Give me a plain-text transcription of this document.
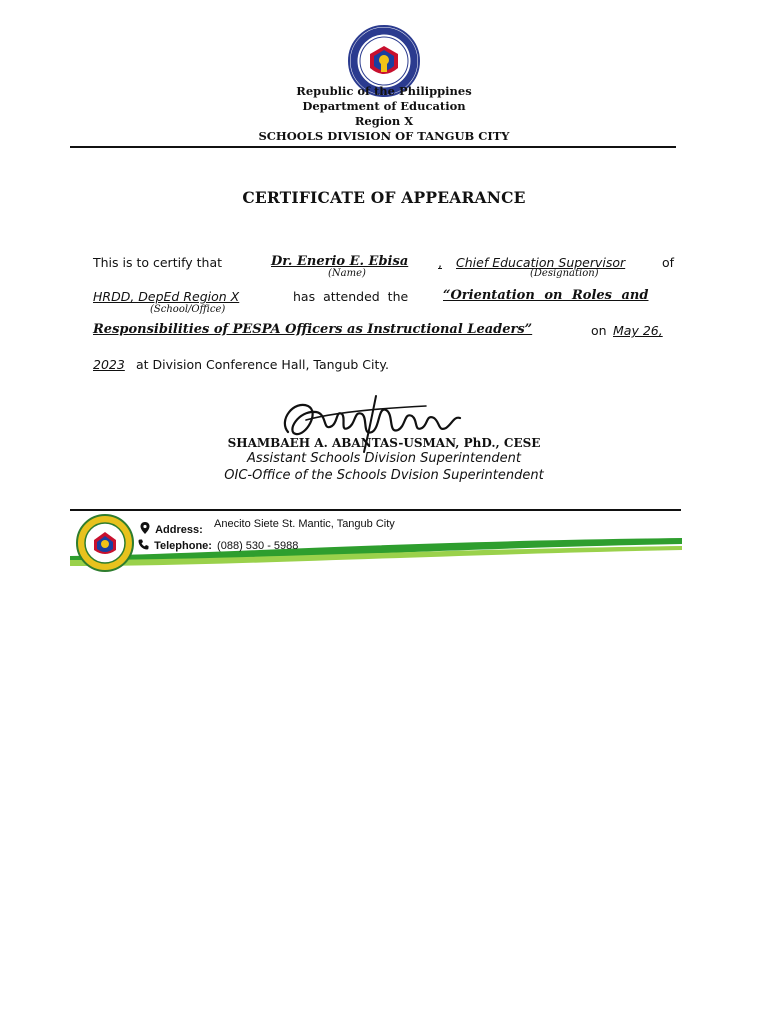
Republic of the Philippines
Department of Education
Region X
SCHOOLS DIVISION OF TANGUB CITY
CERTIFICATE OF APPEARANCE
This is to certify that	Dr. Enerio E. Ebisa	, Chief Education Supervisor	of
(Name)	(Designation)
HRDD, DepEd Region X	has attended the	“Orientation on Roles and
(School/Office)
Responsibilities of PESPA Officers as Instructional Leaders”	on May 26,
2023 at Division Conference Hall, Tangub City.
SHAMBAEH A. ABANTAS-USMAN, PhD., CESE
Assistant Schools Division Superintendent
OIC-Office of the Schools Dvision Superintendent
Address: Anecito Siete St. Mantic, Tangub City
Telephone: (088) 530 - 5988
